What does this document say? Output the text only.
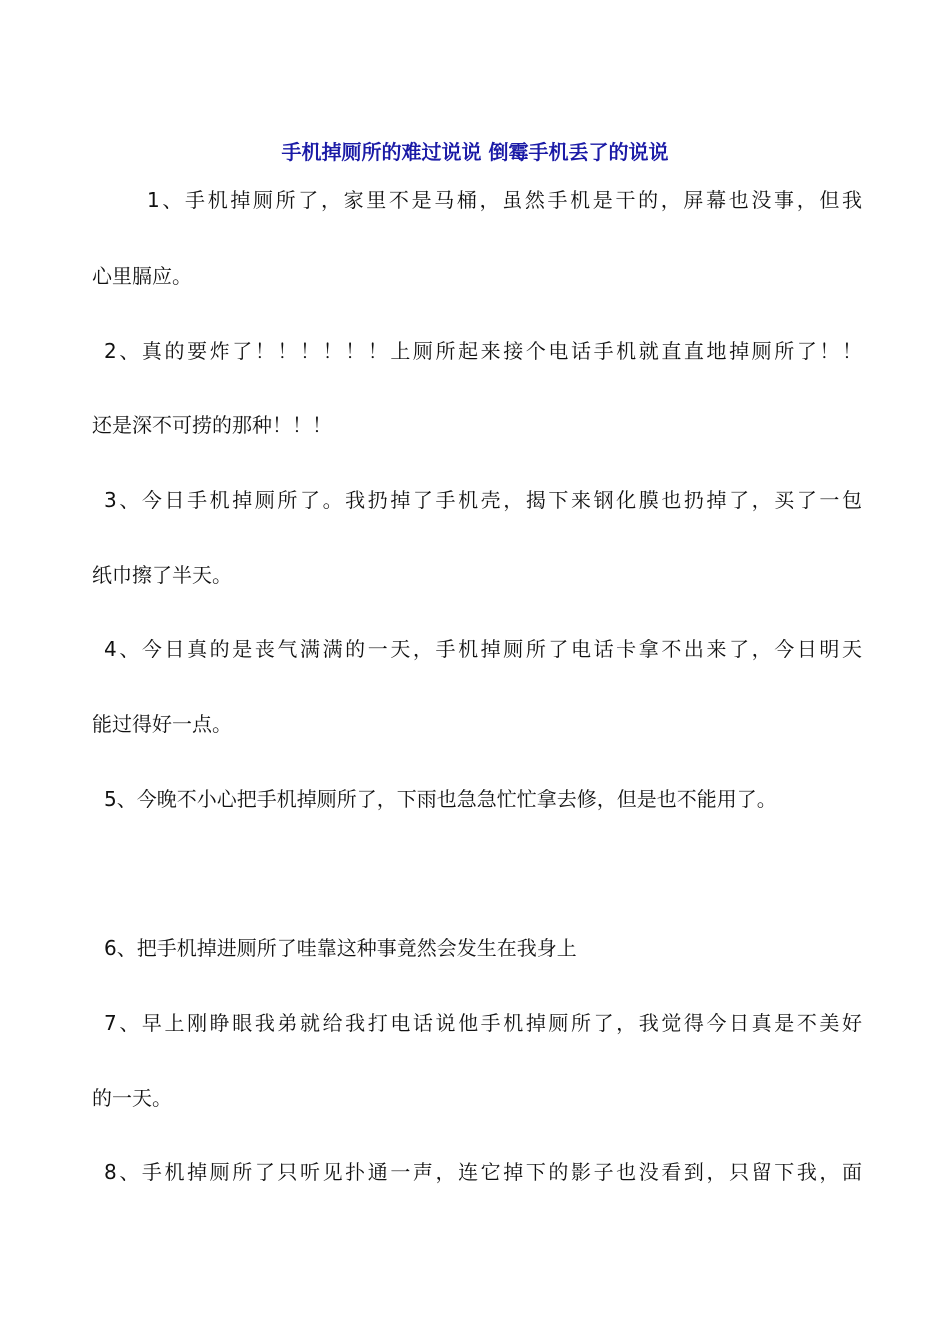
手机掉厕所的难过说说 倒霉手机丢了的说说
1、手机掉厕所了，家里不是马桶，虽然手机是干的，屏幕也没事，但我
心里膈应。
2、真的要炸了！！！！！！上厕所起来接个电话手机就直直地掉厕所了！！
还是深不可捞的那种！！！
3、今日手机掉厕所了。我扔掉了手机壳，揭下来钢化膜也扔掉了，买了一包
纸巾擦了半天。
4、今日真的是丧气满满的一天，手机掉厕所了电话卡拿不出来了，今日明天
能过得好一点。
5、今晚不小心把手机掉厕所了，下雨也急急忙忙拿去修，但是也不能用了。
6、把手机掉进厕所了哇靠这种事竟然会发生在我身上
7、早上刚睁眼我弟就给我打电话说他手机掉厕所了，我觉得今日真是不美好
的一天。
8、手机掉厕所了只听见扑通一声，连它掉下的影子也没看到，只留下我，面
